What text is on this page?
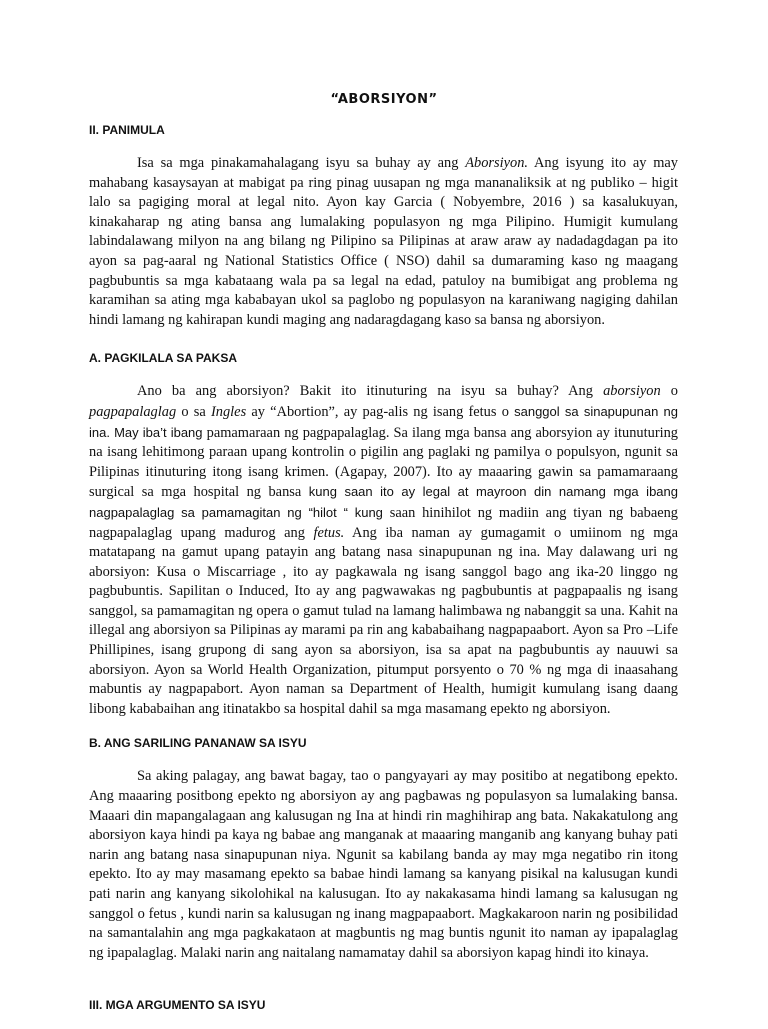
“ABORSIYON”
II. PANIMULA

Isa sa mga pinakamahalagang isyu sa buhay ay ang Aborsiyon. Ang isyung ito ay may mahabang kasaysayan at mabigat pa ring pinag uusapan ng mga mananaliksik at ng publiko – higit lalo sa pagiging moral at legal nito. Ayon kay Garcia ( Nobyembre, 2016 ) sa kasalukuyan, kinakaharap ng ating bansa ang lumalaking populasyon ng mga Pilipino. Humigit kumulang labindalawang milyon na ang bilang ng Pilipino sa Pilipinas at araw araw ay nadadagdagan pa ito ayon sa pag-aaral ng National Statistics Office ( NSO) dahil sa dumaraming kaso ng maagang pagbubuntis sa mga kabataang wala pa sa legal na edad, patuloy na bumibigat ang problema ng karamihan sa ating mga kababayan ukol sa paglobo ng populasyon na karaniwang nagiging dahilan hindi lamang ng kahirapan kundi maging ang nadaragdagang kaso sa bansa ng aborsiyon.

A. PAGKILALA SA PAKSA

Ano ba ang aborsiyon? Bakit ito itinuturing na isyu sa buhay? Ang aborsiyon o pagpapalaglag o sa Ingles ay “Abortion”, ay pag-alis ng isang fetus o sanggol sa sinapupunan ng ina. May iba’t ibang pamamaraan ng pagpapalaglag. Sa ilang mga bansa ang aborsyion ay itunuturing na isang lehitimong paraan upang kontrolin o pigilin ang paglaki ng pamilya o populsyon, ngunit sa Pilipinas itinuturing itong isang krimen. (Agapay, 2007). Ito ay maaaring gawin sa pamamaraang surgical sa mga hospital ng bansa kung saan ito ay legal at mayroon din namang mga ibang nagpapalaglag sa pamamagitan ng “hilot “ kung saan hinihilot ng madiin ang tiyan ng babaeng nagpapalaglag upang madurog ang fetus. Ang iba naman ay gumagamit o umiinom ng mga matatapang na gamut upang patayin ang batang nasa sinapupunan ng ina. May dalawang uri ng aborsiyon: Kusa o Miscarriage , ito ay pagkawala ng isang sanggol bago ang ika-20 linggo ng pagbubuntis. Sapilitan o Induced, Ito ay ang pagwawakas ng pagbubuntis at pagpapaalis ng isang sanggol, sa pamamagitan ng opera o gamut tulad na lamang halimbawa ng nabanggit sa una. Kahit na illegal ang aborsiyon sa Pilipinas ay marami pa rin ang kababaihang nagpapaabort. Ayon sa Pro –Life Phillipines, isang grupong di sang ayon sa aborsiyon, isa sa apat na pagbubuntis ay nauuwi sa aborsiyon. Ayon sa World Health Organization, pitumput porsyento o 70 % ng mga di inaasahang mabuntis ay nagpapabort. Ayon naman sa Department of Health, humigit kumulang isang daang libong kababaihan ang itinatakbo sa hospital dahil sa mga masamang epekto ng aborsiyon.

B. ANG SARILING PANANAW SA ISYU

Sa aking palagay, ang bawat bagay, tao o pangyayari ay may positibo at negatibong epekto. Ang maaaring positbong epekto ng aborsiyon ay ang pagbawas ng populasyon sa lumalaking bansa. Maaari din mapangalagaan ang kalusugan ng Ina at hindi rin maghihirap ang bata. Nakakatulong ang aborsiyon kaya hindi pa kaya ng babae ang manganak at maaaring manganib ang kanyang buhay pati narin ang batang nasa sinapupunan niya. Ngunit sa kabilang banda ay may mga negatibo rin itong epekto. Ito ay may masamang epekto sa babae hindi lamang sa kanyang pisikal na kalusugan kundi pati narin ang kanyang sikolohikal na kalusugan. Ito ay nakakasama hindi lamang sa kalusugan ng sanggol o fetus , kundi narin sa kalusugan ng inang magpapaabort. Magkakaroon narin ng posibilidad na samantalahin ang mga pagkakataon at magbuntis ng mag buntis ngunit ito naman ay ipapalaglag ng ipapalaglag. Malaki narin ang naitalang namamatay dahil sa aborsiyon kapag hindi ito kinaya.

III. MGA ARGUMENTO SA ISYU
